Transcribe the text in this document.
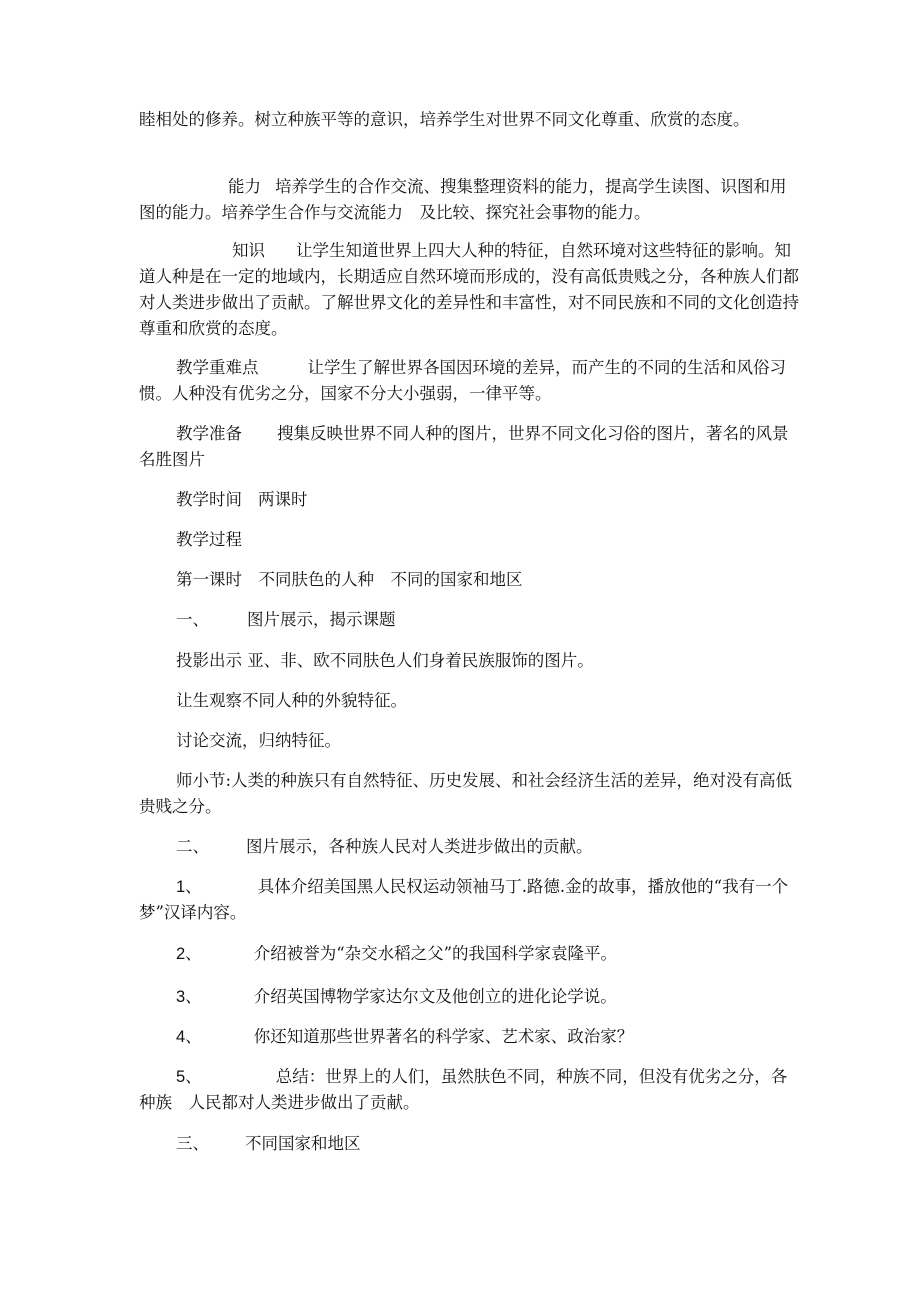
睦相处的修养。树立种族平等的意识，培养学生对世界不同文化尊重、欣赏的态度。

能力 培养学生的合作交流、搜集整理资料的能力，提高学生读图、识图和用图的能力。培养学生合作与交流能力　及比较、探究社会事物的能力。

知识 让学生知道世界上四大人种的特征，自然环境对这些特征的影响。知道人种是在一定的地域内，长期适应自然环境而形成的，没有高低贵贱之分，各种族人们都对人类进步做出了贡献。了解世界文化的差异性和丰富性，对不同民族和不同的文化创造持尊重和欣赏的态度。

教学重难点	让学生了解世界各国因环境的差异，而产生的不同的生活和风俗习惯。人种没有优劣之分，国家不分大小强弱，一律平等。

教学准备 搜集反映世界不同人种的图片，世界不同文化习俗的图片，著名的风景名胜图片

教学时间 两课时

教学过程

第一课时　不同肤色的人种　不同的国家和地区

一、 图片展示，揭示课题

投影出示 亚、非、欧不同肤色人们身着民族服饰的图片。

让生观察不同人种的外貌特征。

讨论交流，归纳特征。

师小节:人类的种族只有自然特征、历史发展、和社会经济生活的差异，绝对没有高低贵贱之分。

二、 图片展示，各种族人民对人类进步做出的贡献。

1、	具体介绍美国黑人民权运动领袖马丁.路德.金的故事，播放他的“我有一个梦”汉译内容。

2、	介绍被誉为“杂交水稻之父”的我国科学家袁隆平。

3、	介绍英国博物学家达尔文及他创立的进化论学说。

4、	你还知道那些世界著名的科学家、艺术家、政治家？

5、	总结：世界上的人们，虽然肤色不同，种族不同，但没有优劣之分，各种族　人民都对人类进步做出了贡献。

三、 不同国家和地区
